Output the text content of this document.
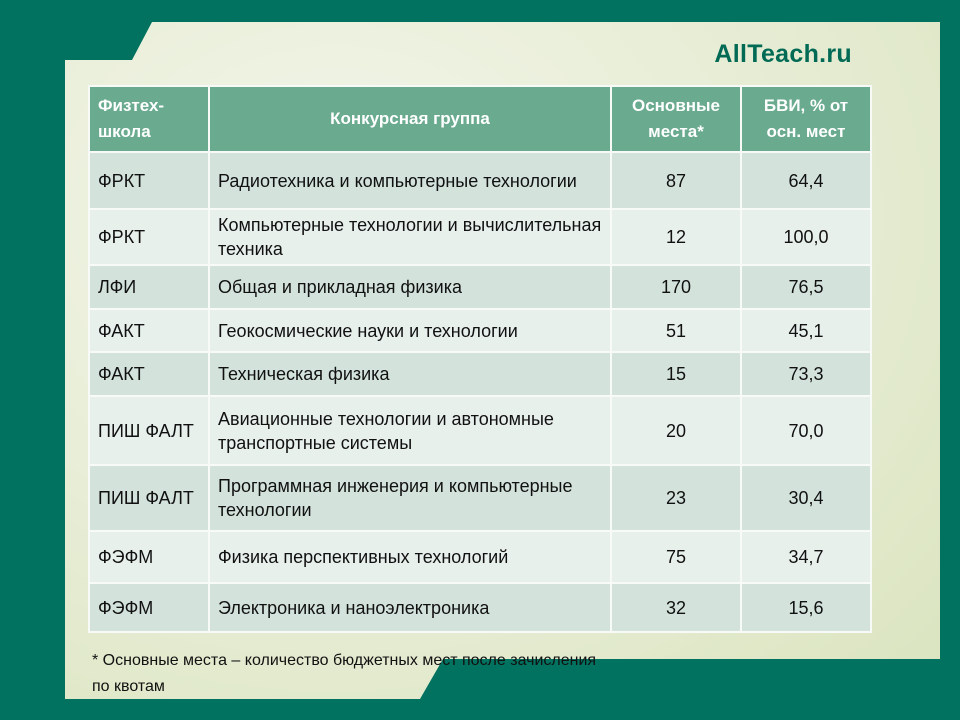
AllTeach.ru
Физтех-школа	Конкурсная группа	Основные места*	БВИ, % от осн. мест
ФРКТ	Радиотехника и компьютерные технологии	87	64,4
ФРКТ	Компьютерные технологии и вычислительная техника	12	100,0
ЛФИ	Общая и прикладная физика	170	76,5
ФАКТ	Геокосмические науки и технологии	51	45,1
ФАКТ	Техническая физика	15	73,3
ПИШ ФАЛТ	Авиационные технологии и автономные транспортные системы	20	70,0
ПИШ ФАЛТ	Программная инженерия и компьютерные технологии	23	30,4
ФЭФМ	Физика перспективных технологий	75	34,7
ФЭФМ	Электроника и наноэлектроника	32	15,6
* Основные места – количество бюджетных мест после зачисления по квотам
